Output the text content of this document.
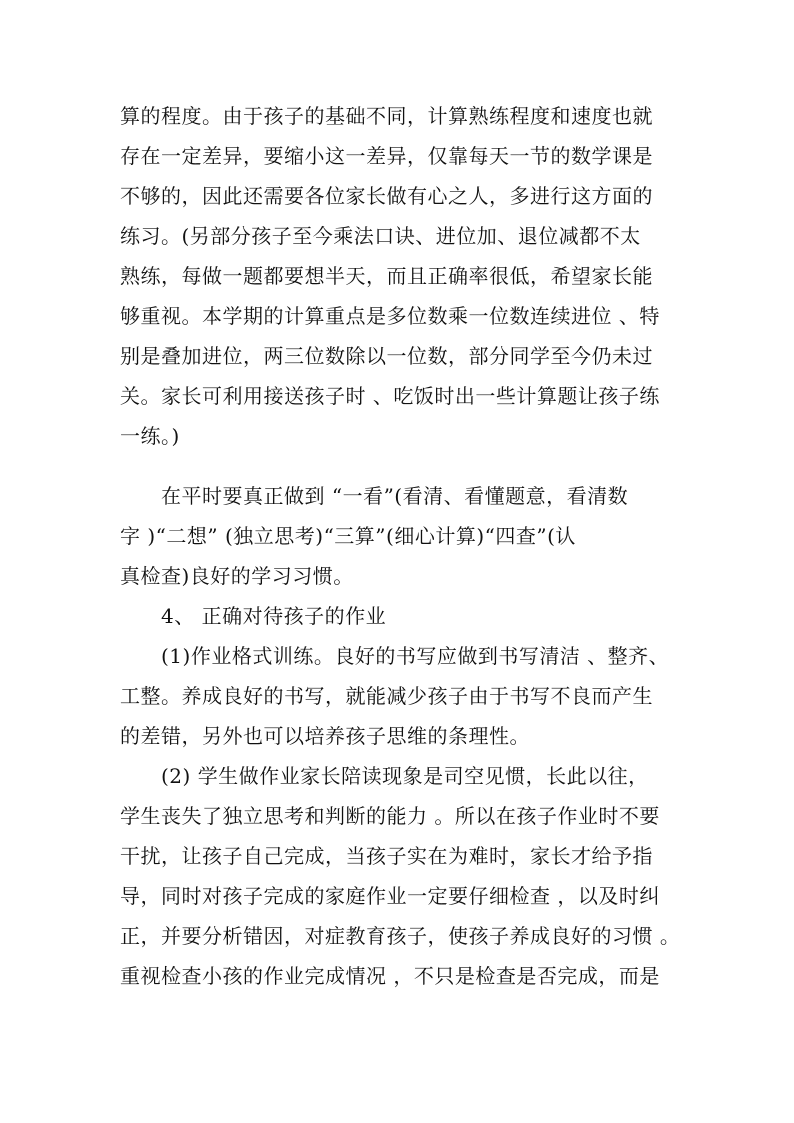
算的程度。由于孩子的基础不同，计算熟练程度和速度也就
存在一定差异，要缩小这一差异，仅靠每天一节的数学课是
不够的，因此还需要各位家长做有心之人，多进行这方面的
练习。(另部分孩子至今乘法口诀、进位加、退位减都不太
熟练，每做一题都要想半天，而且正确率很低，希望家长能
够重视。本学期的计算重点是多位数乘一位数连续进位 、特
别是叠加进位，两三位数除以一位数，部分同学至今仍未过
关。家长可利用接送孩子时 、吃饭时出一些计算题让孩子练
一练。)
在平时要真正做到 “一看”(看清、看懂题意，看清数
字 )“二想” (独立思考)“三算”(细心计算)“四查”(认
真检查)良好的学习习惯。
4、 正确对待孩子的作业
(1)作业格式训练。良好的书写应做到书写清洁 、整齐、
工整。养成良好的书写，就能减少孩子由于书写不良而产生
的差错，另外也可以培养孩子思维的条理性。
(2) 学生做作业家长陪读现象是司空见惯，长此以往，
学生丧失了独立思考和判断的能力 。所以在孩子作业时不要
干扰，让孩子自己完成，当孩子实在为难时，家长才给予指
导，同时对孩子完成的家庭作业一定要仔细检查 ，以及时纠
正，并要分析错因，对症教育孩子，使孩子养成良好的习惯 。
重视检查小孩的作业完成情况 ，不只是检查是否完成，而是
